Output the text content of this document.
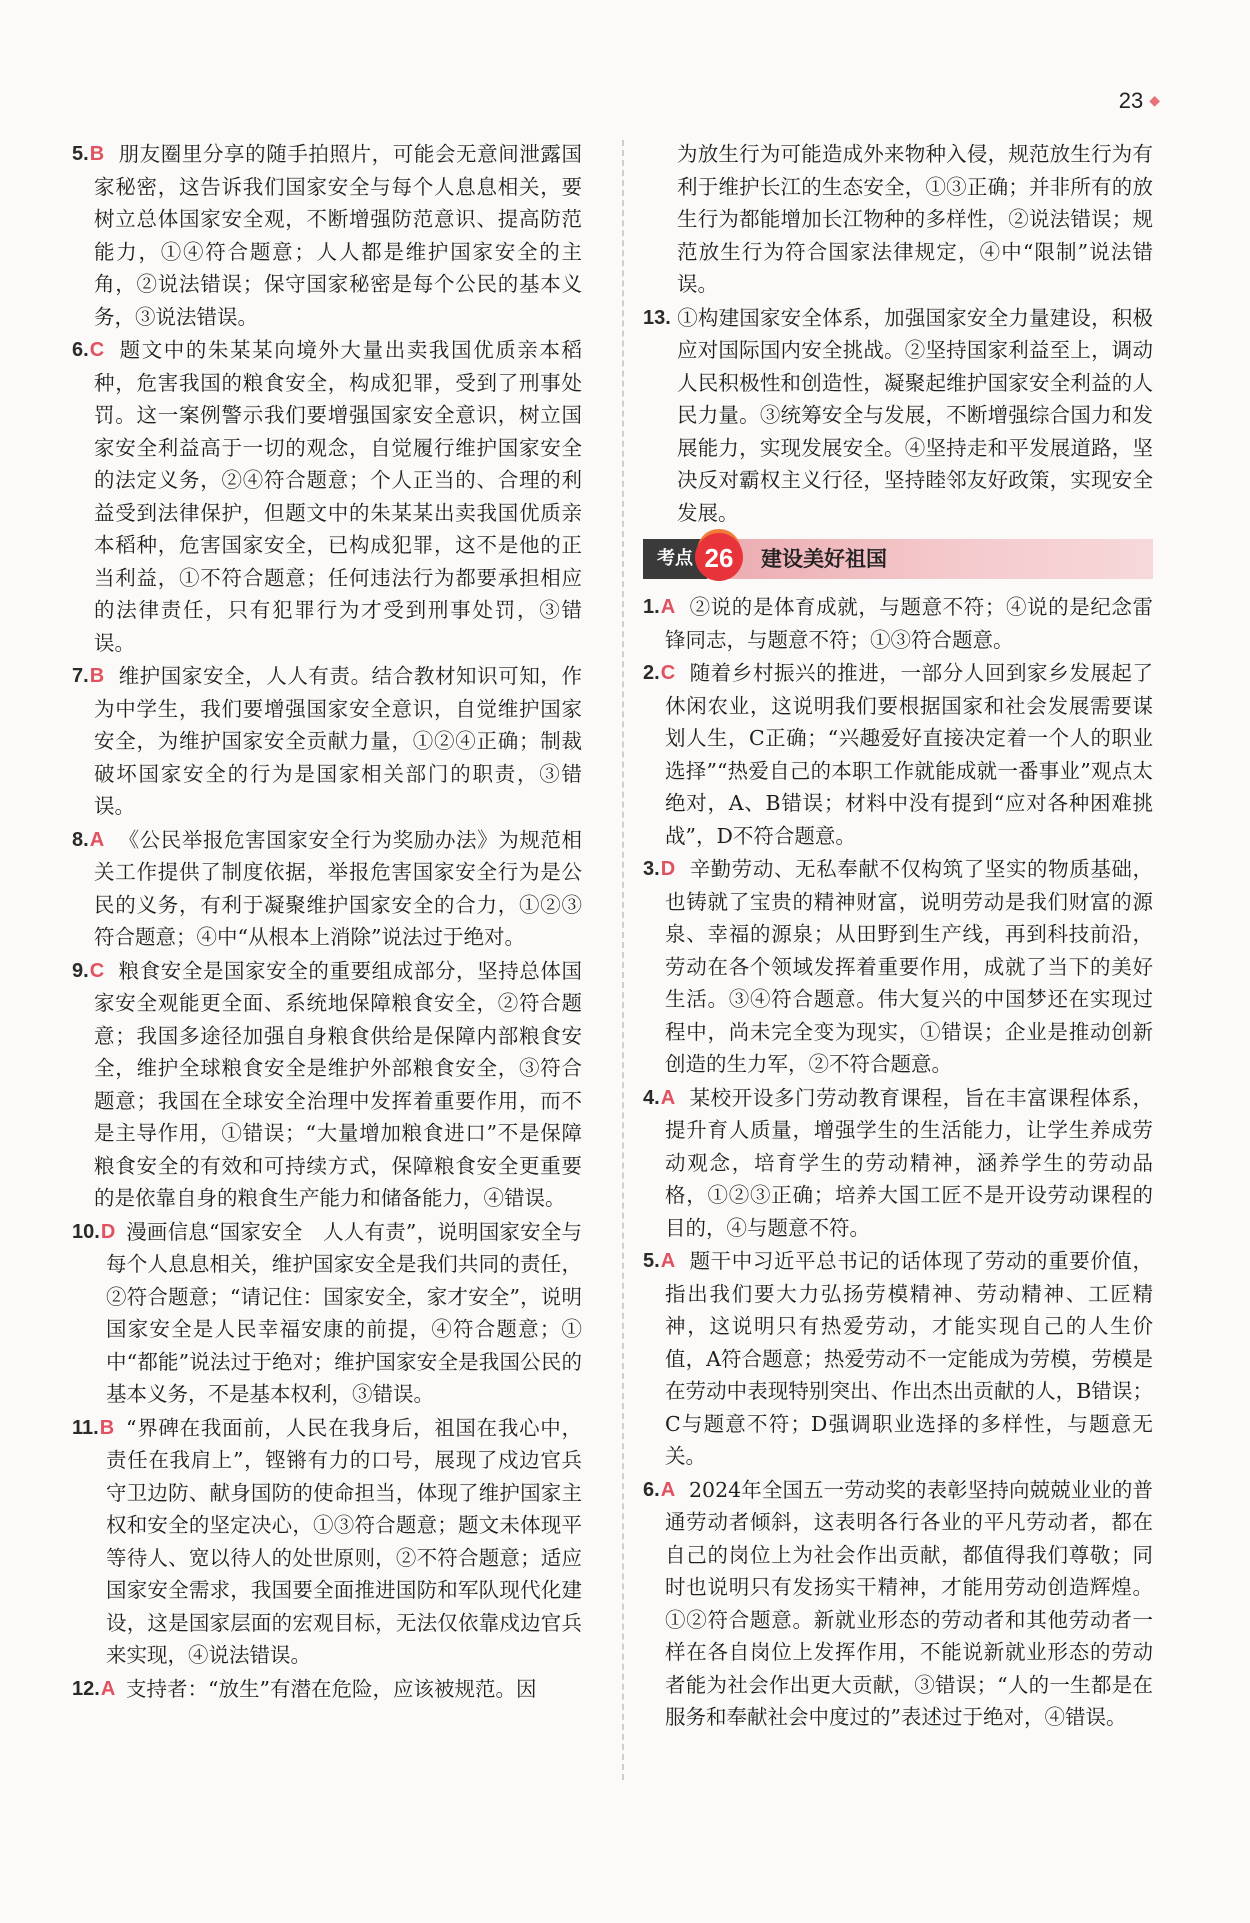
23 ◆
5.B 朋友圈里分享的随手拍照片，可能会无意间泄露国家秘密，这告诉我们国家安全与每个人息息相关，要树立总体国家安全观，不断增强防范意识、提高防范能力，①④符合题意；人人都是维护国家安全的主角，②说法错误；保守国家秘密是每个公民的基本义务，③说法错误。
6.C 题文中的朱某某向境外大量出卖我国优质亲本稻种，危害我国的粮食安全，构成犯罪，受到了刑事处罚。这一案例警示我们要增强国家安全意识，树立国家安全利益高于一切的观念，自觉履行维护国家安全的法定义务，②④符合题意；个人正当的、合理的利益受到法律保护，但题文中的朱某某出卖我国优质亲本稻种，危害国家安全，已构成犯罪，这不是他的正当利益，①不符合题意；任何违法行为都要承担相应的法律责任，只有犯罪行为才受到刑事处罚，③错误。
7.B 维护国家安全，人人有责。结合教材知识可知，作为中学生，我们要增强国家安全意识，自觉维护国家安全，为维护国家安全贡献力量，①②④正确；制裁破坏国家安全的行为是国家相关部门的职责，③错误。
8.A 《公民举报危害国家安全行为奖励办法》为规范相关工作提供了制度依据，举报危害国家安全行为是公民的义务，有利于凝聚维护国家安全的合力，①②③符合题意；④中“从根本上消除”说法过于绝对。
9.C 粮食安全是国家安全的重要组成部分，坚持总体国家安全观能更全面、系统地保障粮食安全，②符合题意；我国多途径加强自身粮食供给是保障内部粮食安全，维护全球粮食安全是维护外部粮食安全，③符合题意；我国在全球安全治理中发挥着重要作用，而不是主导作用，①错误；“大量增加粮食进口”不是保障粮食安全的有效和可持续方式，保障粮食安全更重要的是依靠自身的粮食生产能力和储备能力，④错误。
10.D 漫画信息“国家安全　人人有责”，说明国家安全与每个人息息相关，维护国家安全是我们共同的责任，②符合题意；“请记住：国家安全，家才安全”，说明国家安全是人民幸福安康的前提，④符合题意；①中“都能”说法过于绝对；维护国家安全是我国公民的基本义务，不是基本权利，③错误。
11.B “界碑在我面前，人民在我身后，祖国在我心中，责任在我肩上”，铿锵有力的口号，展现了戍边官兵守卫边防、献身国防的使命担当，体现了维护国家主权和安全的坚定决心，①③符合题意；题文未体现平等待人、宽以待人的处世原则，②不符合题意；适应国家安全需求，我国要全面推进国防和军队现代化建设，这是国家层面的宏观目标，无法仅依靠戍边官兵来实现，④说法错误。
12.A 支持者：“放生”有潜在危险，应该被规范。因
为放生行为可能造成外来物种入侵，规范放生行为有利于维护长江的生态安全，①③正确；并非所有的放生行为都能增加长江物种的多样性，②说法错误；规范放生行为符合国家法律规定，④中“限制”说法错误。
13. ①构建国家安全体系，加强国家安全力量建设，积极应对国际国内安全挑战。②坚持国家利益至上，调动人民积极性和创造性，凝聚起维护国家安全利益的人民力量。③统筹安全与发展，不断增强综合国力和发展能力，实现发展安全。④坚持走和平发展道路，坚决反对霸权主义行径，坚持睦邻友好政策，实现安全发展。
考点 26	建设美好祖国
1.A ②说的是体育成就，与题意不符；④说的是纪念雷锋同志，与题意不符；①③符合题意。
2.C 随着乡村振兴的推进，一部分人回到家乡发展起了休闲农业，这说明我们要根据国家和社会发展需要谋划人生，C正确；“兴趣爱好直接决定着一个人的职业选择”“热爱自己的本职工作就能成就一番事业”观点太绝对，A、B错误；材料中没有提到“应对各种困难挑战”，D不符合题意。
3.D 辛勤劳动、无私奉献不仅构筑了坚实的物质基础，也铸就了宝贵的精神财富，说明劳动是我们财富的源泉、幸福的源泉；从田野到生产线，再到科技前沿，劳动在各个领域发挥着重要作用，成就了当下的美好生活。③④符合题意。伟大复兴的中国梦还在实现过程中，尚未完全变为现实，①错误；企业是推动创新创造的生力军，②不符合题意。
4.A 某校开设多门劳动教育课程，旨在丰富课程体系，提升育人质量，增强学生的生活能力，让学生养成劳动观念，培育学生的劳动精神，涵养学生的劳动品格，①②③正确；培养大国工匠不是开设劳动课程的目的，④与题意不符。
5.A 题干中习近平总书记的话体现了劳动的重要价值，指出我们要大力弘扬劳模精神、劳动精神、工匠精神，这说明只有热爱劳动，才能实现自己的人生价值，A符合题意；热爱劳动不一定能成为劳模，劳模是在劳动中表现特别突出、作出杰出贡献的人，B错误；C与题意不符；D强调职业选择的多样性，与题意无关。
6.A 2024年全国五一劳动奖的表彰坚持向兢兢业业的普通劳动者倾斜，这表明各行各业的平凡劳动者，都在自己的岗位上为社会作出贡献，都值得我们尊敬；同时也说明只有发扬实干精神，才能用劳动创造辉煌。①②符合题意。新就业形态的劳动者和其他劳动者一样在各自岗位上发挥作用，不能说新就业形态的劳动者能为社会作出更大贡献，③错误；“人的一生都是在服务和奉献社会中度过的”表述过于绝对，④错误。
